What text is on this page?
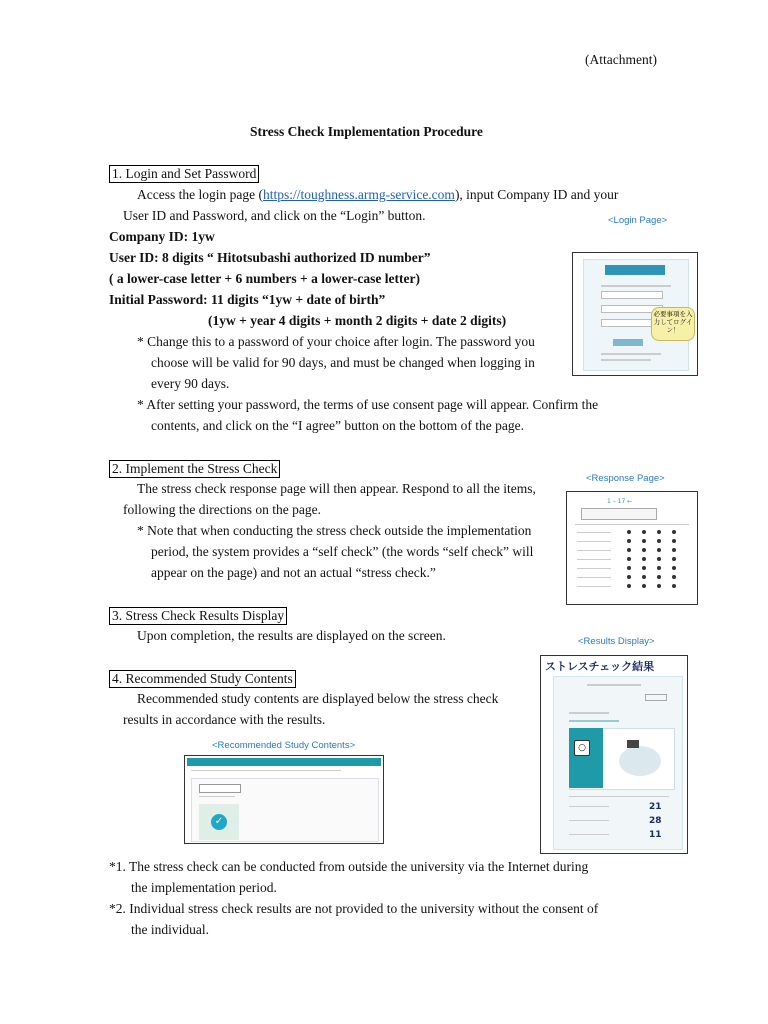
(Attachment)
Stress Check Implementation Procedure
1. Login and Set Password
Access the login page (https://toughness.armg-service.com), input Company ID and your
User ID and Password, and click on the “Login” button.
Company ID: 1yw
User ID: 8 digits “ Hitotsubashi authorized ID number”
( a lower-case letter + 6 numbers + a lower-case letter)
Initial Password: 11 digits “1yw + date of birth”
(1yw + year 4 digits + month 2 digits + date 2 digits)
* Change this to a password of your choice after login. The password you
choose will be valid for 90 days, and must be changed when logging in
every 90 days.
* After setting your password, the terms of use consent page will appear. Confirm the
contents, and click on the “I agree” button on the bottom of the page.
<Login Page>
必要事項を入力してログイン！
2. Implement the Stress Check
The stress check response page will then appear. Respond to all the items,
following the directions on the page.
* Note that when conducting the stress check outside the implementation
period, the system provides a “self check” (the words “self check” will
appear on the page) and not an actual “stress check.”
<Response Page>
1 – 17 ←
3. Stress Check Results Display
Upon completion, the results are displayed on the screen.	<Results Display>
ストレスチェック結果
○
21
28
11
4. Recommended Study Contents
Recommended study contents are displayed below the stress check
results in accordance with the results.
<Recommended Study Contents>
✓
*1. The stress check can be conducted from outside the university via the Internet during
the implementation period.
*2. Individual stress check results are not provided to the university without the consent of
the individual.
